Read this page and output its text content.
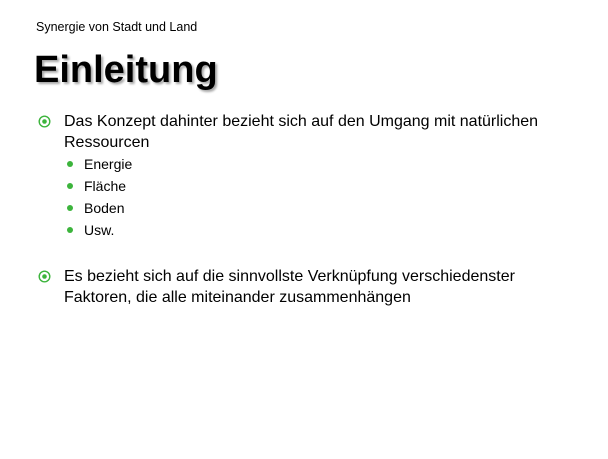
Synergie von Stadt und Land
Einleitung
Das Konzept dahinter bezieht sich auf den Umgang mit natürlichen Ressourcen
Energie
Fläche
Boden
Usw.
Es bezieht sich auf die sinnvollste Verknüpfung verschiedenster Faktoren, die alle miteinander zusammenhängen
